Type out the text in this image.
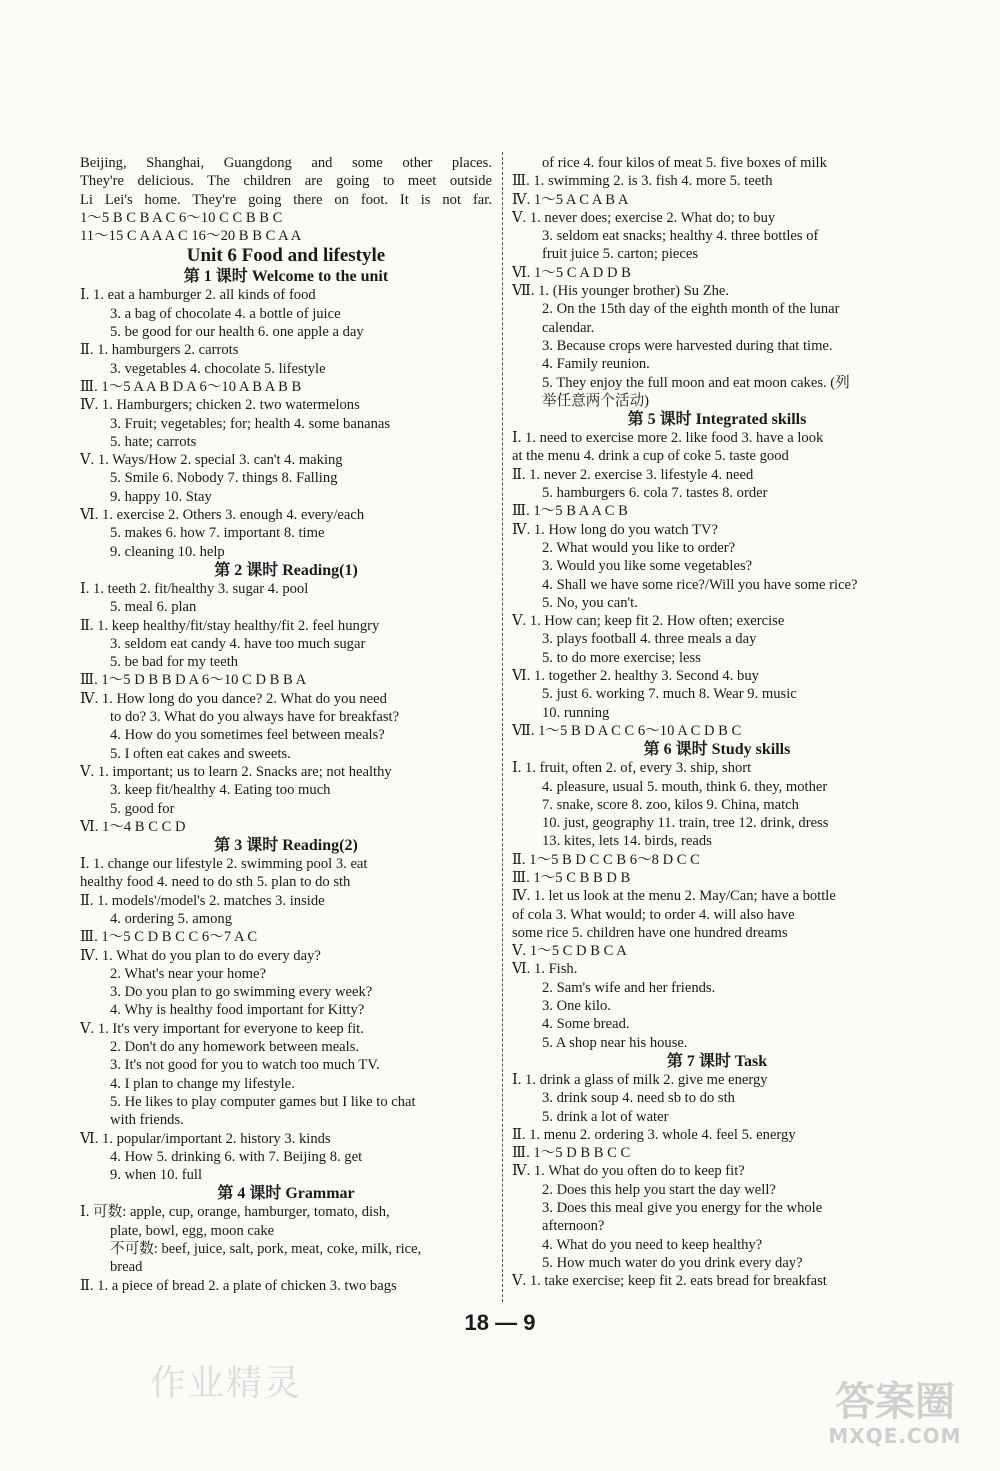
Beijing, Shanghai, Guangdong and some other places.
They're delicious. The children are going to meet outside
Li Lei's home. They're going there on foot. It is not far.
1～5 B C B A C 6～10 C C B B C
11～15 C A A A C 16～20 B B C A A
Unit 6 Food and lifestyle
第 1 课时 Welcome to the unit
Ⅰ. 1. eat a hamburger 2. all kinds of food
3. a bag of chocolate 4. a bottle of juice
5. be good for our health 6. one apple a day
Ⅱ. 1. hamburgers 2. carrots
3. vegetables 4. chocolate 5. lifestyle
Ⅲ. 1～5 A A B D A 6～10 A B A B B
Ⅳ. 1. Hamburgers; chicken 2. two watermelons
3. Fruit; vegetables; for; health 4. some bananas
5. hate; carrots
Ⅴ. 1. Ways/How 2. special 3. can't 4. making
5. Smile 6. Nobody 7. things 8. Falling
9. happy 10. Stay
Ⅵ. 1. exercise 2. Others 3. enough 4. every/each
5. makes 6. how 7. important 8. time
9. cleaning 10. help
第 2 课时 Reading(1)
Ⅰ. 1. teeth 2. fit/healthy 3. sugar 4. pool
5. meal 6. plan
Ⅱ. 1. keep healthy/fit/stay healthy/fit 2. feel hungry
3. seldom eat candy 4. have too much sugar
5. be bad for my teeth
Ⅲ. 1～5 D B B D A 6～10 C D B B A
Ⅳ. 1. How long do you dance? 2. What do you need
to do? 3. What do you always have for breakfast?
4. How do you sometimes feel between meals?
5. I often eat cakes and sweets.
Ⅴ. 1. important; us to learn 2. Snacks are; not healthy
3. keep fit/healthy 4. Eating too much
5. good for
Ⅵ. 1～4 B C C D
第 3 课时 Reading(2)
Ⅰ. 1. change our lifestyle 2. swimming pool 3. eat
healthy food 4. need to do sth 5. plan to do sth
Ⅱ. 1. models'/model's 2. matches 3. inside
4. ordering 5. among
Ⅲ. 1～5 C D B C C 6～7 A C
Ⅳ. 1. What do you plan to do every day?
2. What's near your home?
3. Do you plan to go swimming every week?
4. Why is healthy food important for Kitty?
Ⅴ. 1. It's very important for everyone to keep fit.
2. Don't do any homework between meals.
3. It's not good for you to watch too much TV.
4. I plan to change my lifestyle.
5. He likes to play computer games but I like to chat
with friends.
Ⅵ. 1. popular/important 2. history 3. kinds
4. How 5. drinking 6. with 7. Beijing 8. get
9. when 10. full
第 4 课时 Grammar
Ⅰ. 可数: apple, cup, orange, hamburger, tomato, dish,
plate, bowl, egg, moon cake
不可数: beef, juice, salt, pork, meat, coke, milk, rice,
bread
Ⅱ. 1. a piece of bread 2. a plate of chicken 3. two bags
of rice 4. four kilos of meat 5. five boxes of milk
Ⅲ. 1. swimming 2. is 3. fish 4. more 5. teeth
Ⅳ. 1～5 A C A B A
Ⅴ. 1. never does; exercise 2. What do; to buy
3. seldom eat snacks; healthy 4. three bottles of
fruit juice 5. carton; pieces
Ⅵ. 1～5 C A D D B
Ⅶ. 1. (His younger brother) Su Zhe.
2. On the 15th day of the eighth month of the lunar
calendar.
3. Because crops were harvested during that time.
4. Family reunion.
5. They enjoy the full moon and eat moon cakes. (列
举任意两个活动)
第 5 课时 Integrated skills
Ⅰ. 1. need to exercise more 2. like food 3. have a look
at the menu 4. drink a cup of coke 5. taste good
Ⅱ. 1. never 2. exercise 3. lifestyle 4. need
5. hamburgers 6. cola 7. tastes 8. order
Ⅲ. 1～5 B A A C B
Ⅳ. 1. How long do you watch TV?
2. What would you like to order?
3. Would you like some vegetables?
4. Shall we have some rice?/Will you have some rice?
5. No, you can't.
Ⅴ. 1. How can; keep fit 2. How often; exercise
3. plays football 4. three meals a day
5. to do more exercise; less
Ⅵ. 1. together 2. healthy 3. Second 4. buy
5. just 6. working 7. much 8. Wear 9. music
10. running
Ⅶ. 1～5 B D A C C 6～10 A C D B C
第 6 课时 Study skills
Ⅰ. 1. fruit, often 2. of, every 3. ship, short
4. pleasure, usual 5. mouth, think 6. they, mother
7. snake, score 8. zoo, kilos 9. China, match
10. just, geography 11. train, tree 12. drink, dress
13. kites, lets 14. birds, reads
Ⅱ. 1～5 B D C C B 6～8 D C C
Ⅲ. 1～5 C B B D B
Ⅳ. 1. let us look at the menu 2. May/Can; have a bottle
of cola 3. What would; to order 4. will also have
some rice 5. children have one hundred dreams
Ⅴ. 1～5 C D B C A
Ⅵ. 1. Fish.
2. Sam's wife and her friends.
3. One kilo.
4. Some bread.
5. A shop near his house.
第 7 课时 Task
Ⅰ. 1. drink a glass of milk 2. give me energy
3. drink soup 4. need sb to do sth
5. drink a lot of water
Ⅱ. 1. menu 2. ordering 3. whole 4. feel 5. energy
Ⅲ. 1～5 D B B C C
Ⅳ. 1. What do you often do to keep fit?
2. Does this help you start the day well?
3. Does this meal give you energy for the whole
afternoon?
4. What do you need to keep healthy?
5. How much water do you drink every day?
Ⅴ. 1. take exercise; keep fit 2. eats bread for breakfast
18 — 9
作业精灵	答案圈
MXQE.COM
